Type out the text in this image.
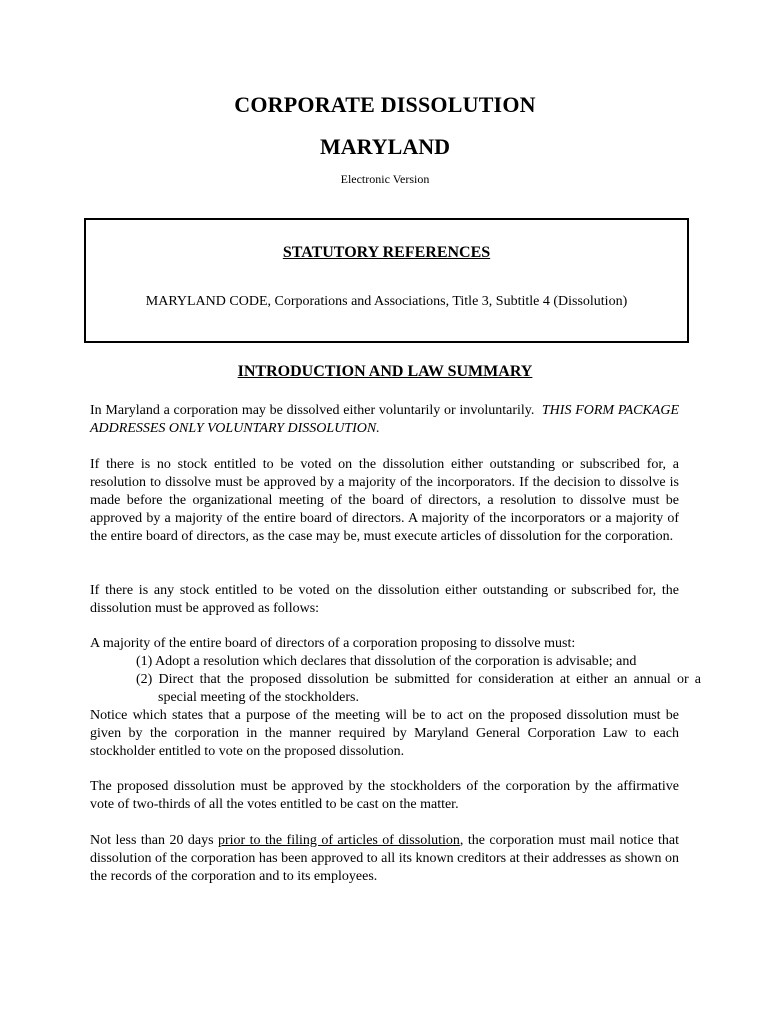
CORPORATE DISSOLUTION
MARYLAND
Electronic Version
STATUTORY REFERENCES
MARYLAND CODE, Corporations and Associations, Title 3, Subtitle 4 (Dissolution)
INTRODUCTION AND LAW SUMMARY
In Maryland a corporation may be dissolved either voluntarily or involuntarily. THIS FORM PACKAGE ADDRESSES ONLY VOLUNTARY DISSOLUTION.
If there is no stock entitled to be voted on the dissolution either outstanding or subscribed for, a resolution to dissolve must be approved by a majority of the incorporators. If the decision to dissolve is made before the organizational meeting of the board of directors, a resolution to dissolve must be approved by a majority of the entire board of directors. A majority of the incorporators or a majority of the entire board of directors, as the case may be, must execute articles of dissolution for the corporation.
If there is any stock entitled to be voted on the dissolution either outstanding or subscribed for, the dissolution must be approved as follows:
A majority of the entire board of directors of a corporation proposing to dissolve must:
(1) Adopt a resolution which declares that dissolution of the corporation is advisable; and
(2) Direct that the proposed dissolution be submitted for consideration at either an annual or a special meeting of the stockholders.
Notice which states that a purpose of the meeting will be to act on the proposed dissolution must be given by the corporation in the manner required by Maryland General Corporation Law to each stockholder entitled to vote on the proposed dissolution.
The proposed dissolution must be approved by the stockholders of the corporation by the affirmative vote of two-thirds of all the votes entitled to be cast on the matter.
Not less than 20 days prior to the filing of articles of dissolution, the corporation must mail notice that dissolution of the corporation has been approved to all its known creditors at their addresses as shown on the records of the corporation and to its employees.
